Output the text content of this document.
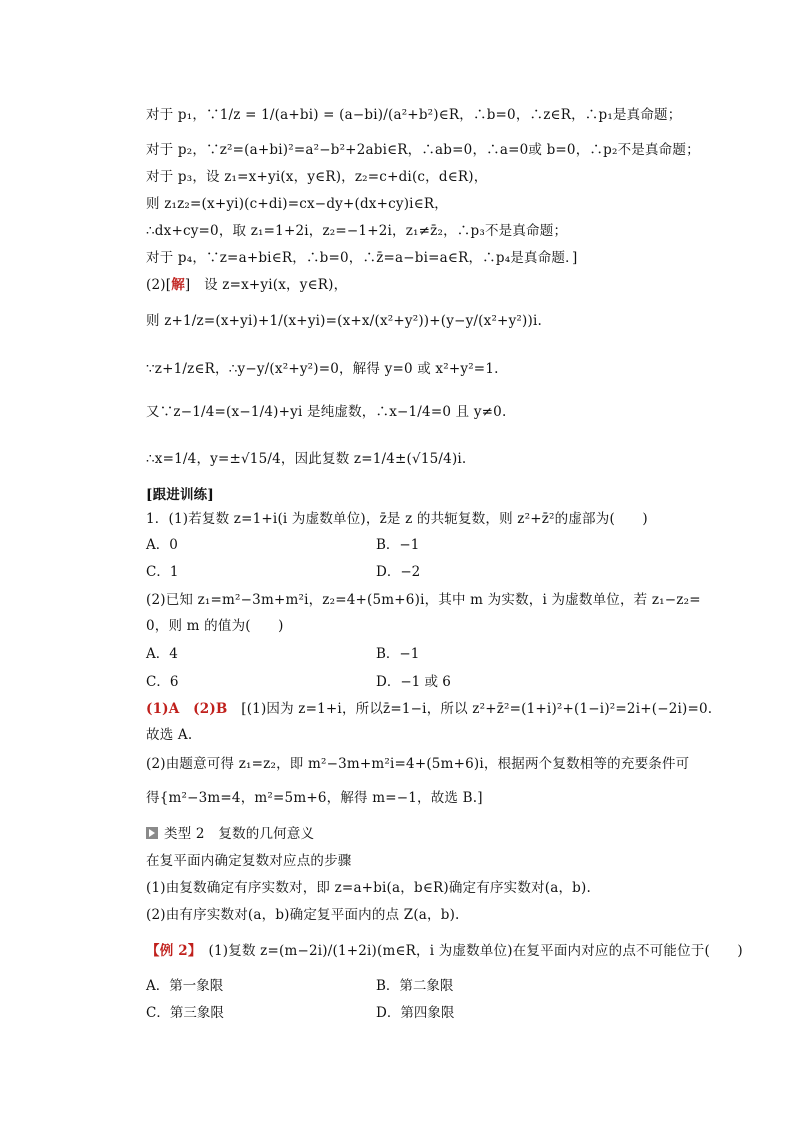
对于 p₁，∵1/z = 1/(a+bi) = (a−bi)/(a²+b²)∈R，∴b=0，∴z∈R，∴p₁是真命题；
对于 p₂，∵z²=(a+bi)²=a²−b²+2abi∈R，∴ab=0，∴a=0或 b=0，∴p₂不是真命题；
对于 p₃，设 z₁=x+yi(x，y∈R)，z₂=c+di(c，d∈R)，
则 z₁z₂=(x+yi)(c+di)=cx−dy+(dx+cy)i∈R，
∴dx+cy=0，取 z₁=1+2i，z₂=−1+2i，z₁≠z̄₂，∴p₃不是真命题；
对于 p₄，∵z=a+bi∈R，∴b=0，∴z̄=a−bi=a∈R，∴p₄是真命题．]
(2)[解]　设 z=x+yi(x，y∈R)，
则 z+1/z=(x+yi)+1/(x+yi)=(x+x/(x²+y²))+(y−y/(x²+y²))i.
∵z+1/z∈R，∴y−y/(x²+y²)=0，解得 y=0 或 x²+y²=1.
又∵z−1/4=(x−1/4)+yi 是纯虚数，∴x−1/4=0 且 y≠0.
∴x=1/4，y=±√15/4，因此复数 z=1/4±(√15/4)i.
[跟进训练]
1．(1)若复数 z=1+i(i 为虚数单位)，z̄是 z 的共轭复数，则 z²+z̄²的虚部为(　　)
A．0	B．−1
C．1	D．−2
(2)已知 z₁=m²−3m+m²i，z₂=4+(5m+6)i，其中 m 为实数，i 为虚数单位，若 z₁−z₂=
0，则 m 的值为(　　)
A．4	B．−1
C．6	D．−1 或 6
(1)A　(2)B　[(1)因为 z=1+i，所以z̄=1−i，所以 z²+z̄²=(1+i)²+(1−i)²=2i+(−2i)=0.
故选 A.
(2)由题意可得 z₁=z₂，即 m²−3m+m²i=4+(5m+6)i，根据两个复数相等的充要条件可
得{m²−3m=4，m²=5m+6，解得 m=−1，故选 B.]
类型 2　复数的几何意义
在复平面内确定复数对应点的步骤
(1)由复数确定有序实数对，即 z=a+bi(a，b∈R)确定有序实数对(a，b).
(2)由有序实数对(a，b)确定复平面内的点 Z(a，b).
【例 2】　(1)复数 z=(m−2i)/(1+2i)(m∈R，i 为虚数单位)在复平面内对应的点不可能位于(　　)
A．第一象限	B．第二象限
C．第三象限	D．第四象限
